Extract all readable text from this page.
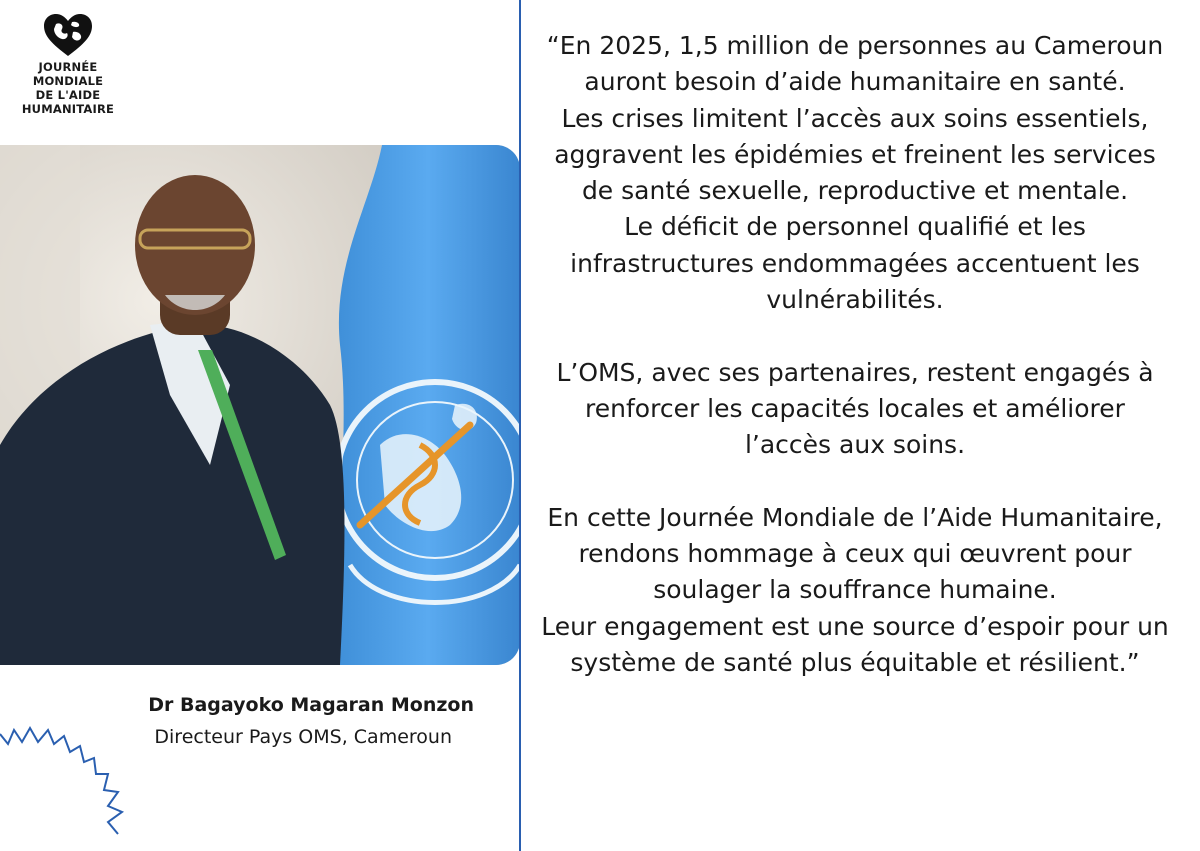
JOURNÉE MONDIALE
DE L'AIDE
HUMANITAIRE
Dr Bagayoko Magaran Monzon
Directeur Pays OMS, Cameroun

“En 2025, 1,5 million de personnes au Cameroun auront besoin d’aide humanitaire en santé.

Les crises limitent l’accès aux soins essentiels, aggravent les épidémies et freinent les services de santé sexuelle, reproductive et mentale.

Le déficit de personnel qualifié et les infrastructures endommagées accentuent les vulnérabilités.

L’OMS, avec ses partenaires, restent engagés à renforcer les capacités locales et améliorer l’accès aux soins.

En cette Journée Mondiale de l’Aide Humanitaire, rendons hommage à ceux qui œuvrent pour soulager la souffrance humaine.

Leur engagement est une source d’espoir pour un système de santé plus équitable et résilient.”
